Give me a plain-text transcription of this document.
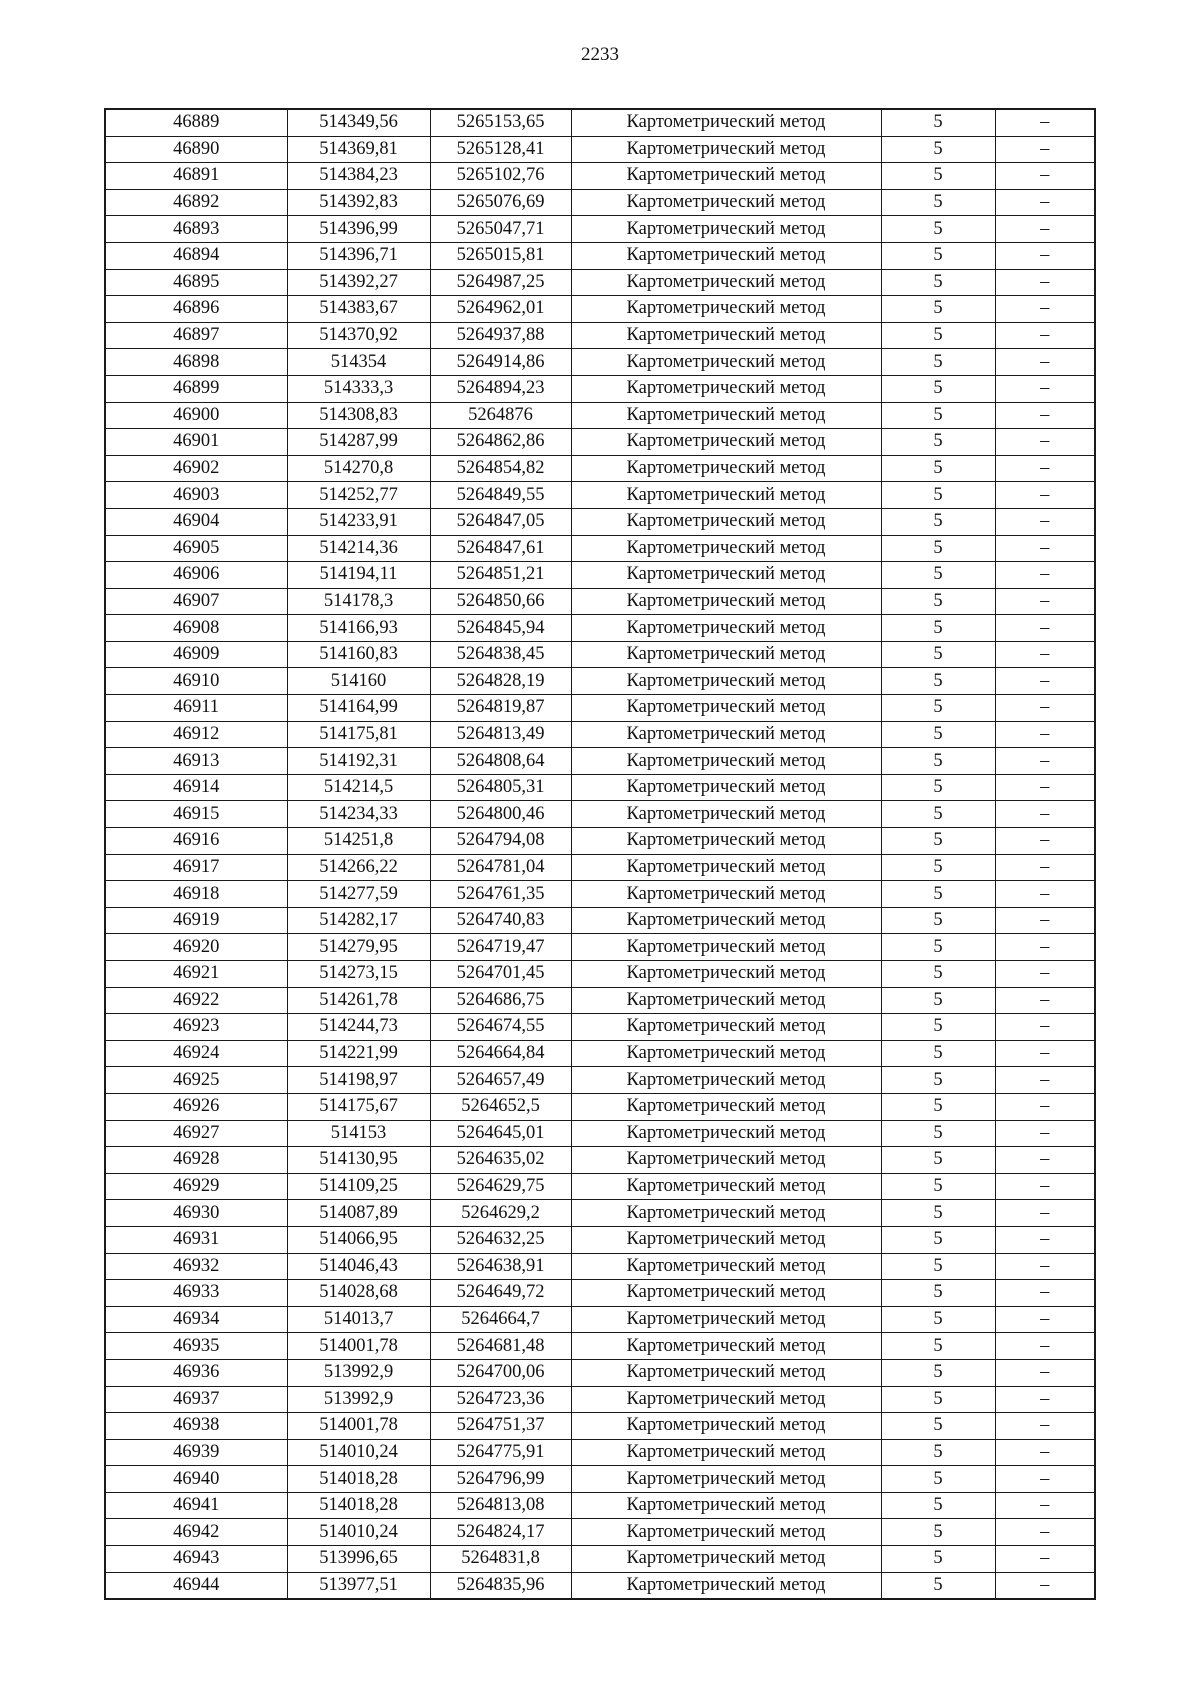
2233
46889	514349,56	5265153,65	Картометрический метод	5	–
46890	514369,81	5265128,41	Картометрический метод	5	–
46891	514384,23	5265102,76	Картометрический метод	5	–
46892	514392,83	5265076,69	Картометрический метод	5	–
46893	514396,99	5265047,71	Картометрический метод	5	–
46894	514396,71	5265015,81	Картометрический метод	5	–
46895	514392,27	5264987,25	Картометрический метод	5	–
46896	514383,67	5264962,01	Картометрический метод	5	–
46897	514370,92	5264937,88	Картометрический метод	5	–
46898	514354	5264914,86	Картометрический метод	5	–
46899	514333,3	5264894,23	Картометрический метод	5	–
46900	514308,83	5264876	Картометрический метод	5	–
46901	514287,99	5264862,86	Картометрический метод	5	–
46902	514270,8	5264854,82	Картометрический метод	5	–
46903	514252,77	5264849,55	Картометрический метод	5	–
46904	514233,91	5264847,05	Картометрический метод	5	–
46905	514214,36	5264847,61	Картометрический метод	5	–
46906	514194,11	5264851,21	Картометрический метод	5	–
46907	514178,3	5264850,66	Картометрический метод	5	–
46908	514166,93	5264845,94	Картометрический метод	5	–
46909	514160,83	5264838,45	Картометрический метод	5	–
46910	514160	5264828,19	Картометрический метод	5	–
46911	514164,99	5264819,87	Картометрический метод	5	–
46912	514175,81	5264813,49	Картометрический метод	5	–
46913	514192,31	5264808,64	Картометрический метод	5	–
46914	514214,5	5264805,31	Картометрический метод	5	–
46915	514234,33	5264800,46	Картометрический метод	5	–
46916	514251,8	5264794,08	Картометрический метод	5	–
46917	514266,22	5264781,04	Картометрический метод	5	–
46918	514277,59	5264761,35	Картометрический метод	5	–
46919	514282,17	5264740,83	Картометрический метод	5	–
46920	514279,95	5264719,47	Картометрический метод	5	–
46921	514273,15	5264701,45	Картометрический метод	5	–
46922	514261,78	5264686,75	Картометрический метод	5	–
46923	514244,73	5264674,55	Картометрический метод	5	–
46924	514221,99	5264664,84	Картометрический метод	5	–
46925	514198,97	5264657,49	Картометрический метод	5	–
46926	514175,67	5264652,5	Картометрический метод	5	–
46927	514153	5264645,01	Картометрический метод	5	–
46928	514130,95	5264635,02	Картометрический метод	5	–
46929	514109,25	5264629,75	Картометрический метод	5	–
46930	514087,89	5264629,2	Картометрический метод	5	–
46931	514066,95	5264632,25	Картометрический метод	5	–
46932	514046,43	5264638,91	Картометрический метод	5	–
46933	514028,68	5264649,72	Картометрический метод	5	–
46934	514013,7	5264664,7	Картометрический метод	5	–
46935	514001,78	5264681,48	Картометрический метод	5	–
46936	513992,9	5264700,06	Картометрический метод	5	–
46937	513992,9	5264723,36	Картометрический метод	5	–
46938	514001,78	5264751,37	Картометрический метод	5	–
46939	514010,24	5264775,91	Картометрический метод	5	–
46940	514018,28	5264796,99	Картометрический метод	5	–
46941	514018,28	5264813,08	Картометрический метод	5	–
46942	514010,24	5264824,17	Картометрический метод	5	–
46943	513996,65	5264831,8	Картометрический метод	5	–
46944	513977,51	5264835,96	Картометрический метод	5	–
